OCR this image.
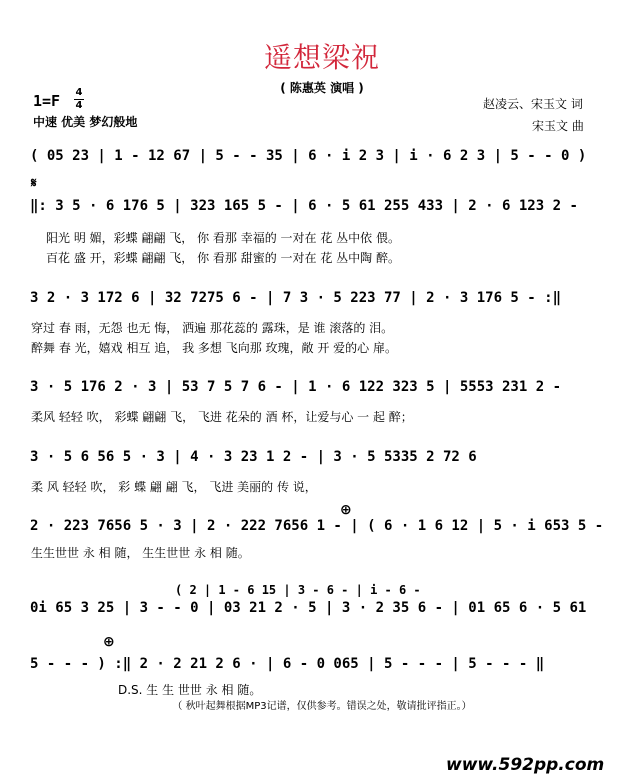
遥想梁祝
( 陈惠英 演唱 )
1=F 4
4
中速 优美 梦幻般地
赵凌云、宋玉文 词
宋玉文 曲
( 05 23 | 1 - 12 67 | 5 - - 35 | 6 · i 2 3 | i · 6 2 3 | 5 - - 0 )
𝄋
‖: 3 5 · 6 176 5 | 323 165 5 - | 6 · 5 61 255 433 | 2 · 6 123 2 -
阳光 明 媚，彩蝶 翩翩 飞， 你 看那 幸福的 一对在 花 丛中依 偎。
百花 盛 开，彩蝶 翩翩 飞， 你 看那 甜蜜的 一对在 花 丛中陶 醉。
3 2 · 3 172 6 | 32 7275 6 - | 7 3 · 5 223 77 | 2 · 3 176 5 - :‖
穿过 春 雨，无怨 也无 悔， 洒遍 那花蕊的 露珠，是 谁 滚落的 泪。
醉舞 春 光，嬉戏 相互 追， 我 多想 飞向那 玫瑰，敞 开 爱的心 扉。
3 · 5 176 2 · 3 | 53 7 5 7 6 - | 1 · 6 122 323 5 | 5553 231 2 -
柔风 轻轻 吹， 彩蝶 翩翩 飞， 飞进 花朵的 酒 杯，让爱与心 一 起 醉；
3 · 5 6 56 5 · 3 | 4 · 3 23 1 2 - | 3 · 5 5335 2 72 6
柔 风 轻轻 吹， 彩 蝶 翩 翩 飞， 飞进 美丽的 传 说，
⊕
2 · 223 7656 5 · 3 | 2 · 222 7656 1 - | ( 6 · 1 6 12 | 5 · i 653 5 -
生生世世 永 相 随， 生生世世 永 相 随。
( 2 | 1 - 6 15 | 3 - 6 - | i - 6 -
0i 65 3 25 | 3 - - 0 | 03 21 2 · 5 | 3 · 2 35 6 - | 01 65 6 · 5 61
⊕
5 - - - ) :‖ 2 · 2 21 2 6 · | 6 - 0 065 | 5 - - - | 5 - - - ‖
D.S. 生 生 世世 永 相 随。
（ 秋叶起舞根据MP3记谱，仅供参考。错误之处，敬请批评指正。）
www.592pp.com
